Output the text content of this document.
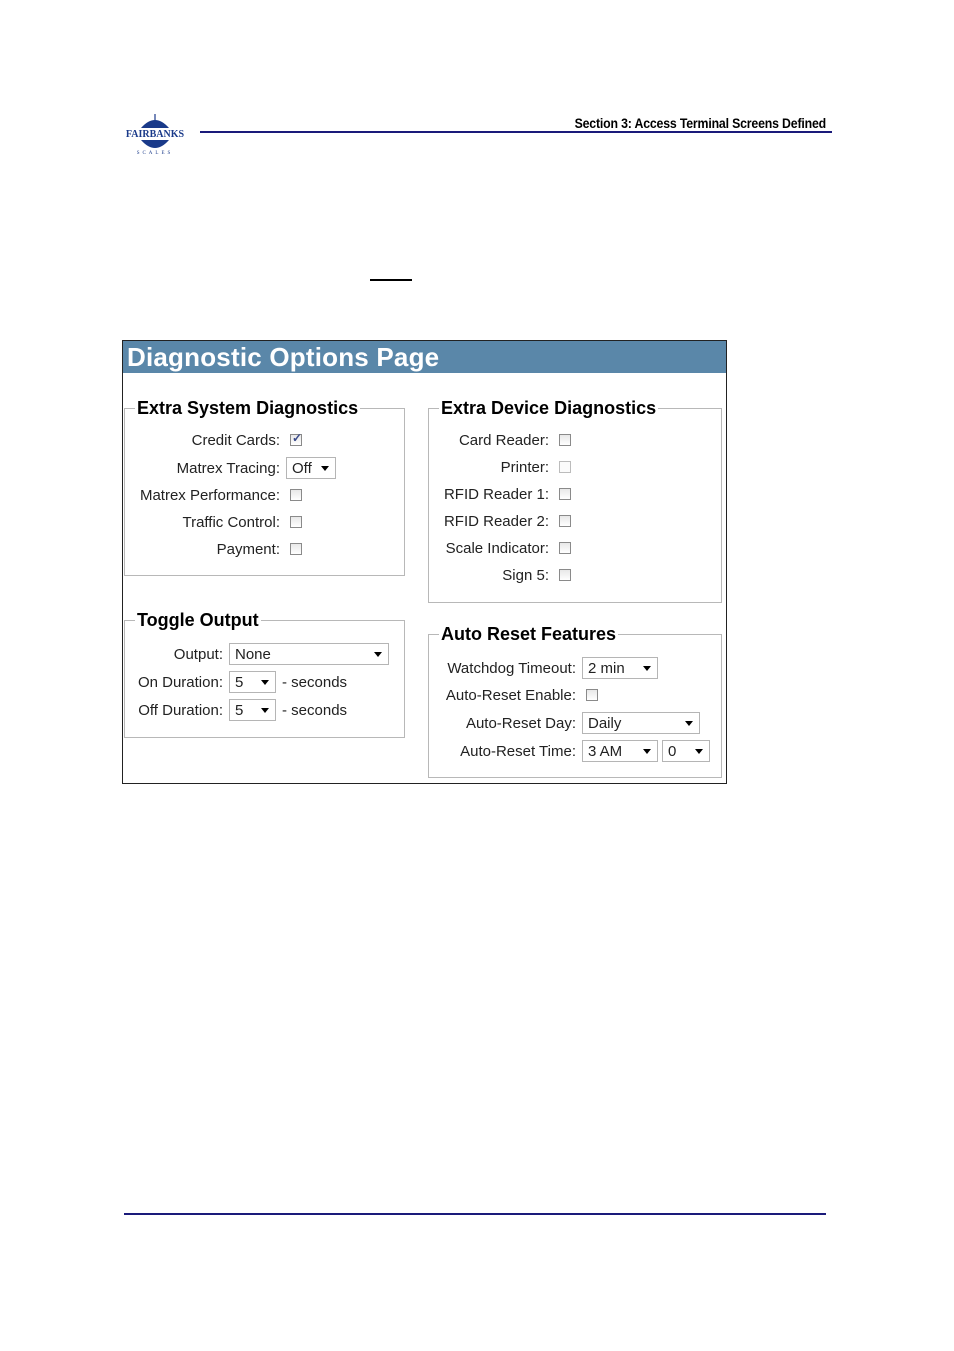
FAIRBANKS
SCALES
Section 3: Access Terminal Screens Defined
Diagnostic Options Page
Extra System Diagnostics
Credit Cards: ✓
Matrex Tracing: Off
Matrex Performance:
Traffic Control:
Payment:
Extra Device Diagnostics
Card Reader:
Printer:
RFID Reader 1:
RFID Reader 2:
Scale Indicator:
Sign 5:
Toggle Output
Output: None
On Duration: 5	- seconds
Off Duration: 5	- seconds
Auto Reset Features
Watchdog Timeout: 2 min
Auto-Reset Enable:
Auto-Reset Day: Daily
Auto-Reset Time: 3 AM	0
